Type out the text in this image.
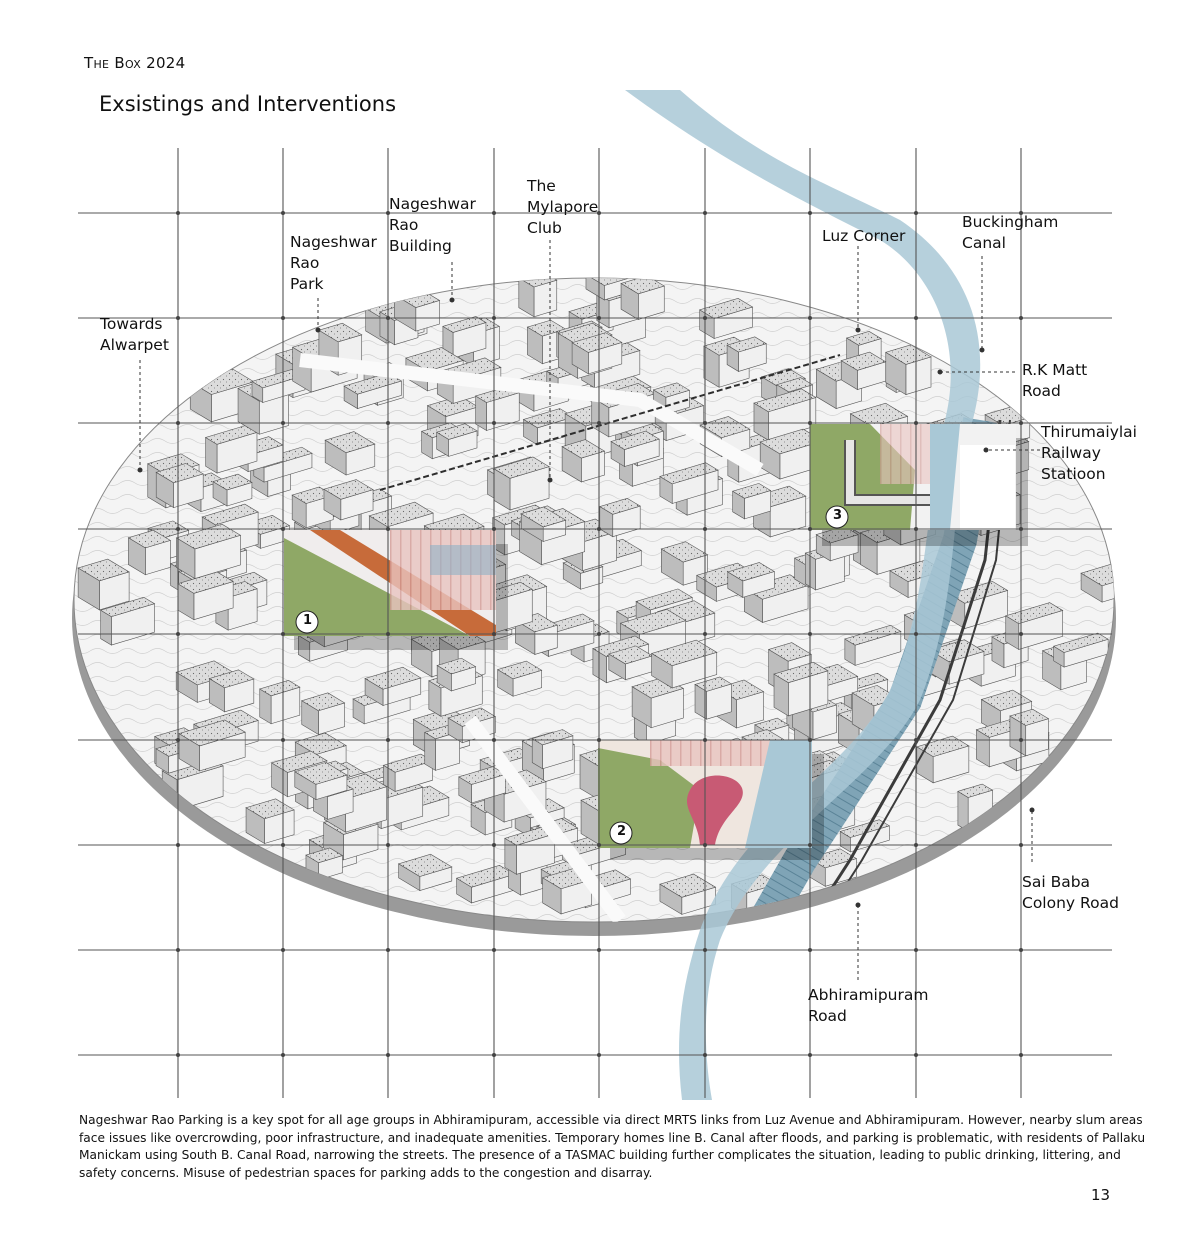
The Box 2024
Exsistings and Interventions
1
2
3
Towards
Alwarpet
Nageshwar
Rao
Park
Nageshwar
Rao
Building
The
Mylapore
Club	Luz Corner
Buckingham
Canal
R.K Matt
Road
Thirumaiylai
Railway
Statioon
Sai Baba
Colony Road
Abhiramipuram
Road

Nageshwar Rao Parking is a key spot for all age groups in Abhiramipuram, accessible via direct MRTS links from Luz Avenue and Abhiramipuram. However, nearby slum areas face issues like overcrowding, poor infrastructure, and inadequate amenities. Temporary homes line B. Canal after floods, and parking is problematic, with residents of Pallaku Manickam using South B. Canal Road, narrowing the streets. The presence of a TASMAC building further complicates the situation, leading to public drinking, littering, and safety concerns. Misuse of pedestrian spaces for parking adds to the congestion and disarray.

13
